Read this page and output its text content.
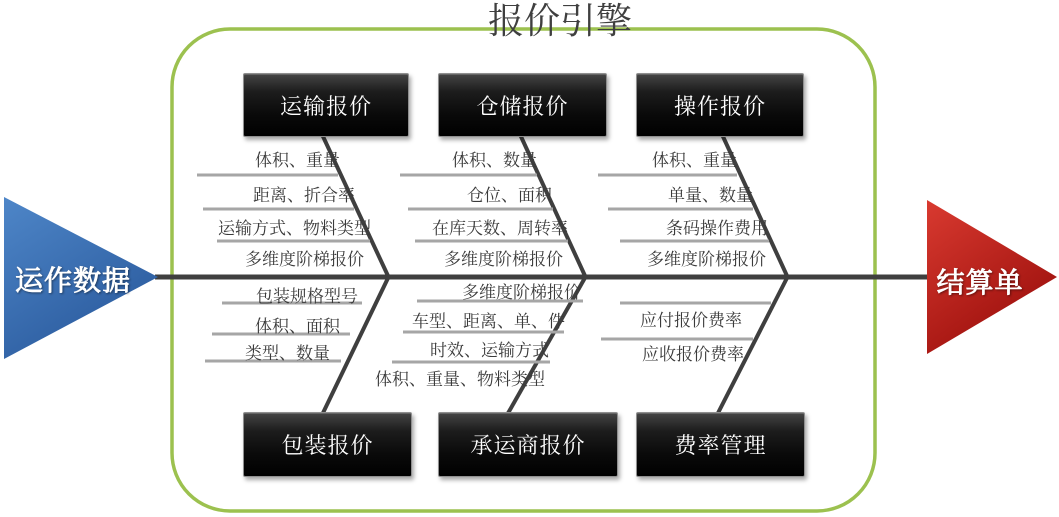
报价引擎
运作数据	结算单
运输报价	仓储报价	操作报价
包装报价	承运商报价	费率管理
体积、重量
距离、折合率
运输方式、物料类型
多维度阶梯报价
体积、数量
仓位、面积
在库天数、周转率
多维度阶梯报价
体积、重量
单量、数量
条码操作费用
多维度阶梯报价
包装规格型号
体积、面积
类型、数量
多维度阶梯报价
车型、距离、单、件
时效、运输方式
体积、重量、物料类型
应付报价费率
应收报价费率
